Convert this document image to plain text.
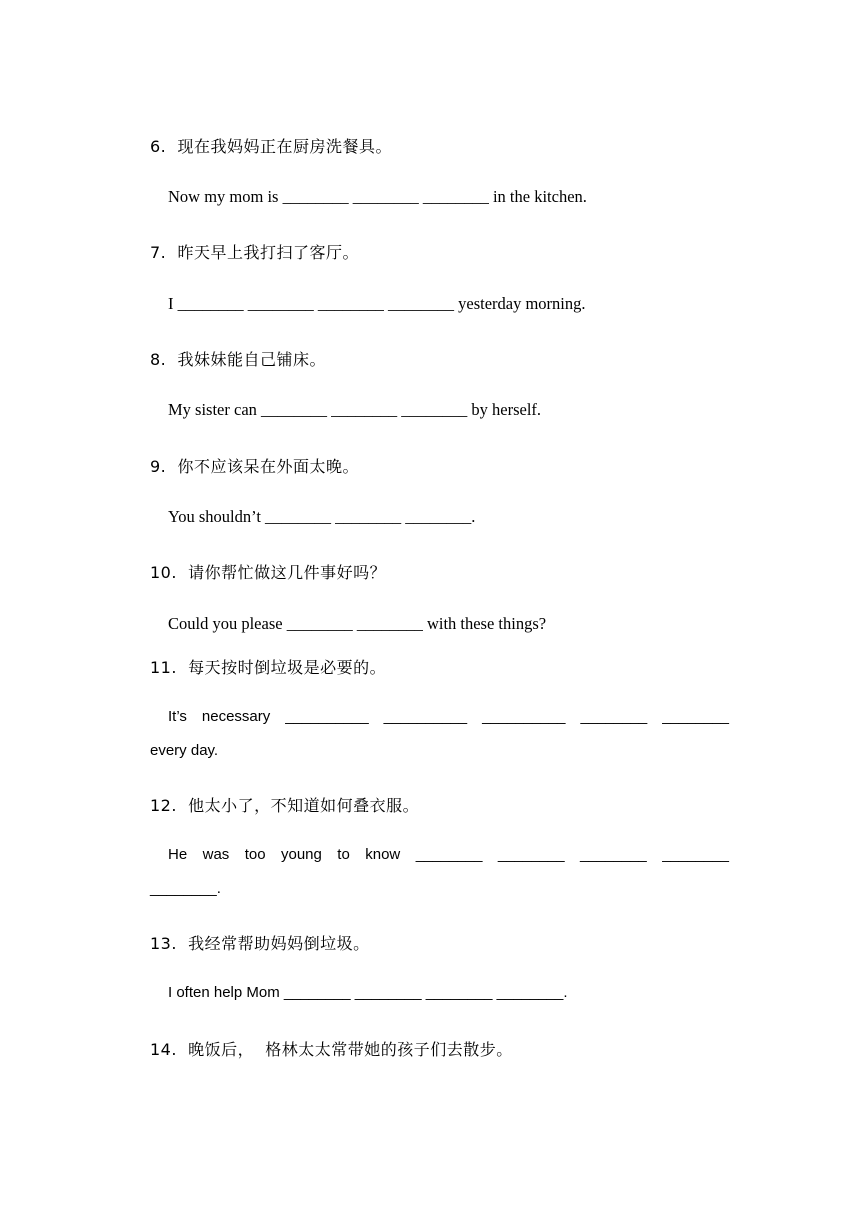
6.  现在我妈妈正在厨房洗餐具。
Now my mom is ________ ________ ________ in the kitchen.
7.  昨天早上我打扫了客厅。
I ________ ________ ________ ________ yesterday morning.
8.  我妹妹能自己铺床。
My sister can ________ ________ ________ by herself.
9.  你不应该呆在外面太晚。
You shouldn’t ________ ________ ________.
10.  请你帮忙做这几件事好吗？
Could you please ________ ________ with these things?
11.  每天按时倒垃圾是必要的。
It’s necessary __________ __________ __________ ________ ________
every day.
12.  他太小了，不知道如何叠衣服。
He was too young to know ________ ________ ________ ________
________.
13.  我经常帮助妈妈倒垃圾。
I often help Mom ________ ________ ________ ________.
14.  晚饭后，  格林太太常带她的孩子们去散步。
